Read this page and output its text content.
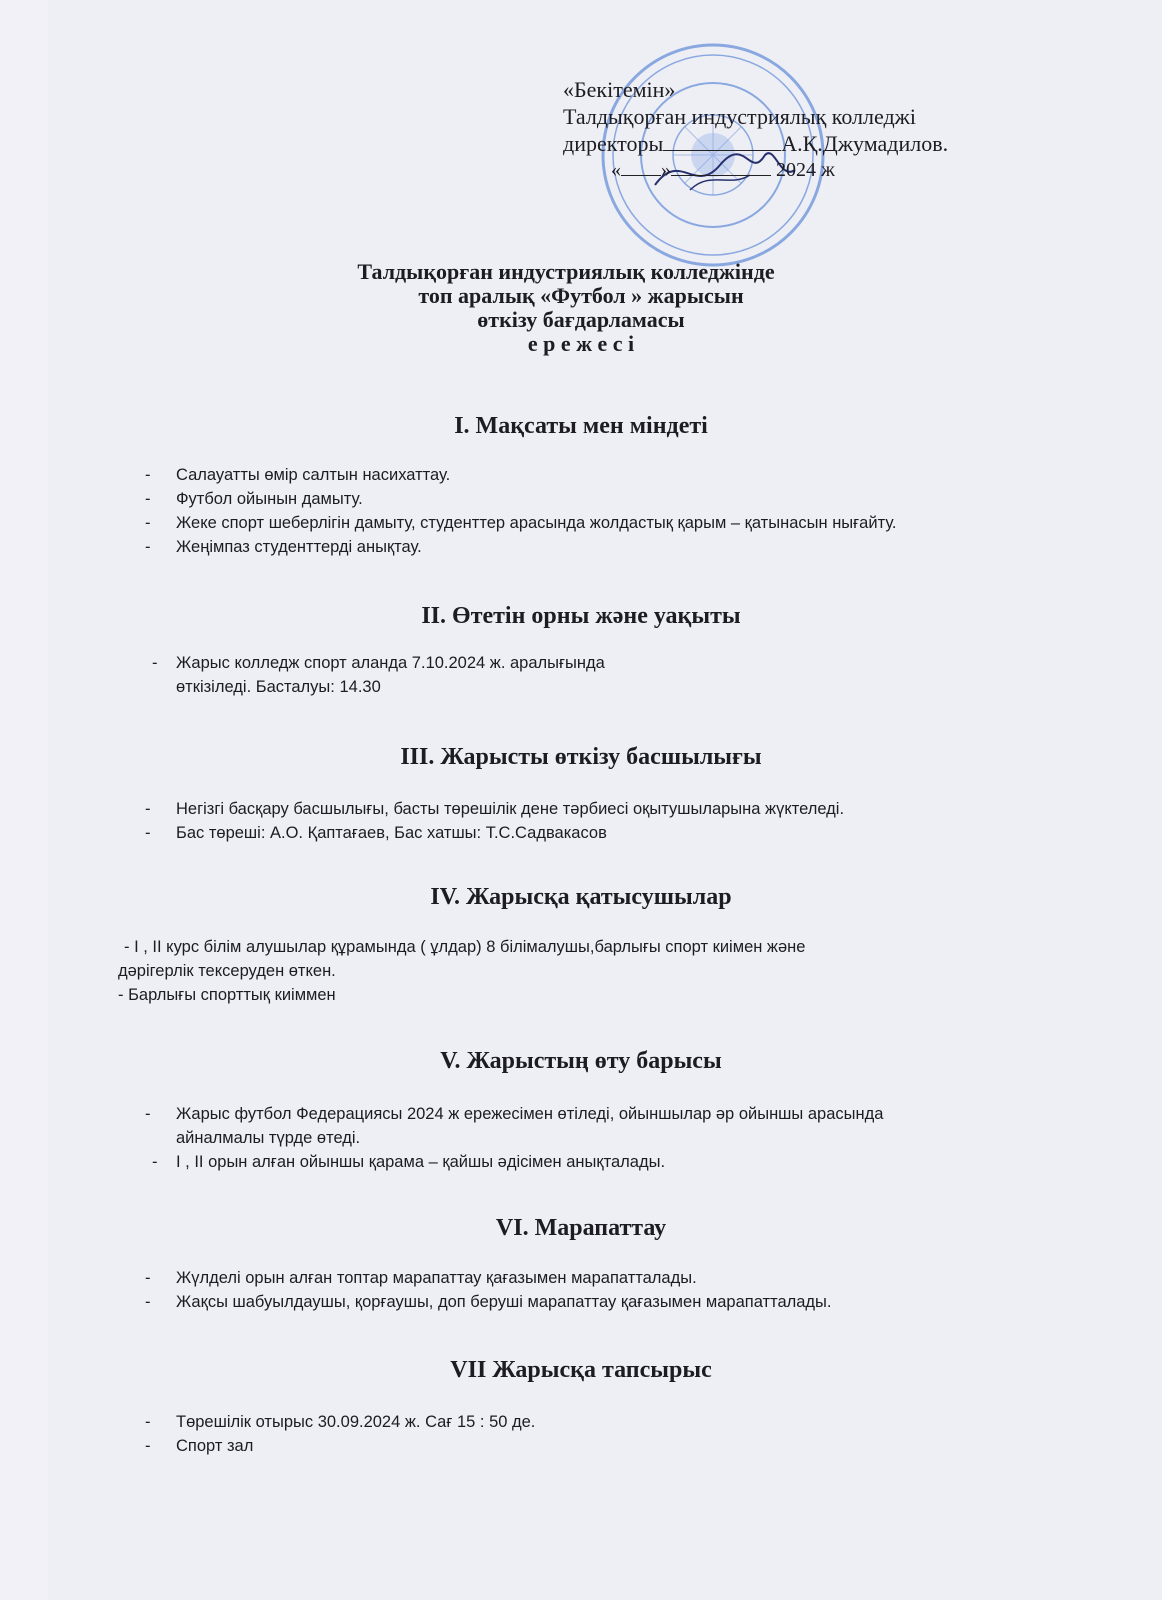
«Бекітемін»
Талдықорған индустриялық колледжі
директоры	А.Қ.Джумадилов.
« »	2024 ж
Талдықорған индустриялық колледжінде
топ аралық «Футбол » жарысын
өткізу бағдарламасы
е р е ж е с і
I. Мақсаты мен міндеті
- Салауатты өмір салтын насихаттау.
- Футбол ойынын дамыту.
- Жеке спорт шеберлігін дамыту, студенттер арасында жолдастық қарым – қатынасын нығайту.
- Жеңімпаз студенттерді анықтау.
II. Өтетін орны және уақыты
- Жарыс колледж спорт аланда 7.10.2024 ж. аралығында
өткізіледі. Басталуы: 14.30
III. Жарысты өткізу басшылығы
- Негізгі басқару басшылығы, басты төрешілік дене тәрбиесі оқытушыларына жүктеледі.
- Бас төреші: А.О. Қаптағаев, Бас хатшы: Т.С.Садвакасов
IV. Жарысқа қатысушылар
- I , II курс білім алушылар құрамында ( ұлдар) 8 білімалушы,барлығы спорт киімен және
дәрігерлік тексеруден өткен.
- Барлығы спорттық киіммен
V. Жарыстың өту барысы
- Жарыс футбол Федерациясы 2024 ж ережесімен өтіледі, ойыншылар әр ойыншы арасында
айналмалы түрде өтеді.
- I , II орын алған ойыншы қарама – қайшы әдісімен анықталады.
VI. Марапаттау
- Жүлделі орын алған топтар марапаттау қағазымен марапатталады.
- Жақсы шабуылдаушы, қорғаушы, доп беруші марапаттау қағазымен марапатталады.
VII Жарысқа тапсырыс
- Төрешілік отырыс 30.09.2024 ж. Сағ 15 : 50 де.
- Спорт зал
